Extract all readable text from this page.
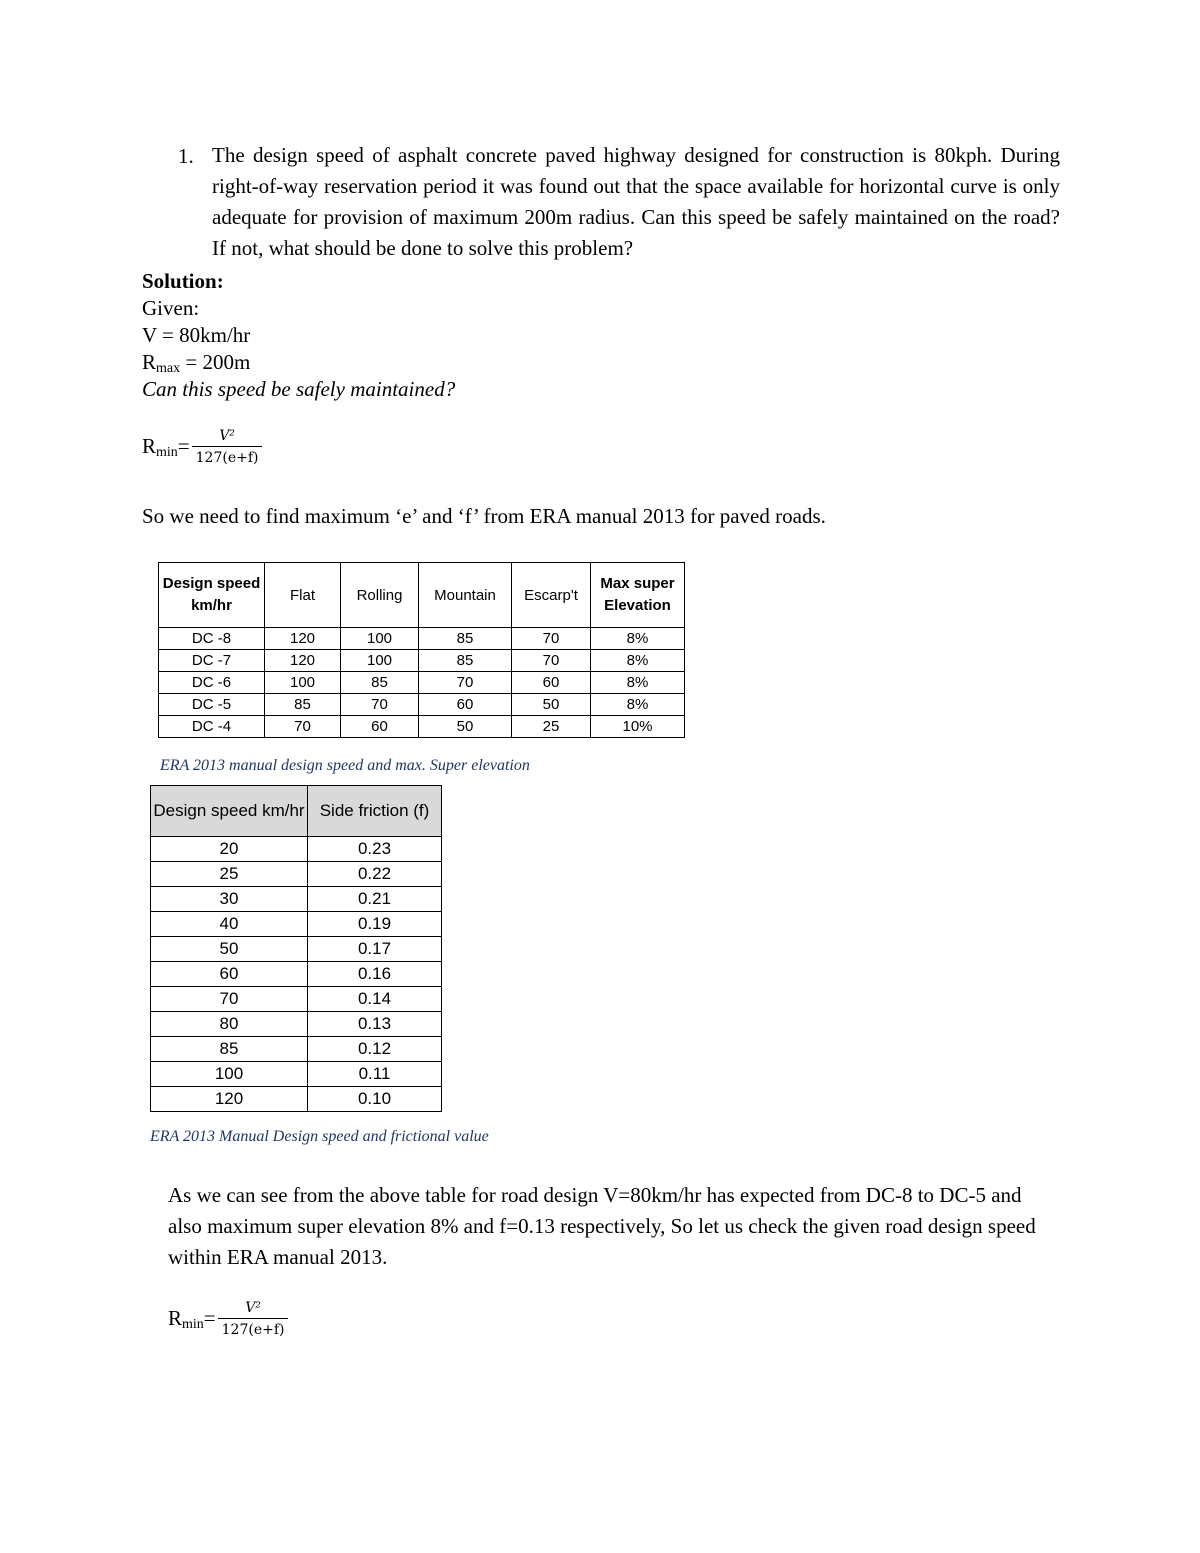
1. The design speed of asphalt concrete paved highway designed for construction is 80kph. During right-of-way reservation period it was found out that the space available for horizontal curve is only adequate for provision of maximum 200m radius. Can this speed be safely maintained on the road? If not, what should be done to solve this problem?
Solution:
Given:
V = 80km/hr
$R_{max} = 200m$
Can this speed be safely maintained?
$R_{min}= \frac{\text{V²}}{127(e+f)}$
So we need to find maximum ‘e’ and ‘f’ from ERA manual 2013 for paved roads.
Design speed km/hr	Flat	Rolling	Mountain	Escarp't	Max super Elevation
DC -8	120	100	85	70	8%
DC -7	120	100	85	70	8%
DC -6	100	85	70	60	8%
DC -5	85	70	60	50	8%
DC -4	70	60	50	25	10%
ERA 2013 manual design speed and max. Super elevation
Design speed km/hr	Side friction (f)
20	0.23
25	0.22
30	0.21
40	0.19
50	0.17
60	0.16
70	0.14
80	0.13
85	0.12
100	0.11
120	0.10
ERA 2013 Manual Design speed and frictional value
As we can see from the above table for road design V=80km/hr has expected from DC-8 to DC-5 and also maximum super elevation 8% and f=0.13 respectively, So let us check the given road design speed within ERA manual 2013.
$R_{min}= \frac{\text{V²}}{127(e+f)}$
